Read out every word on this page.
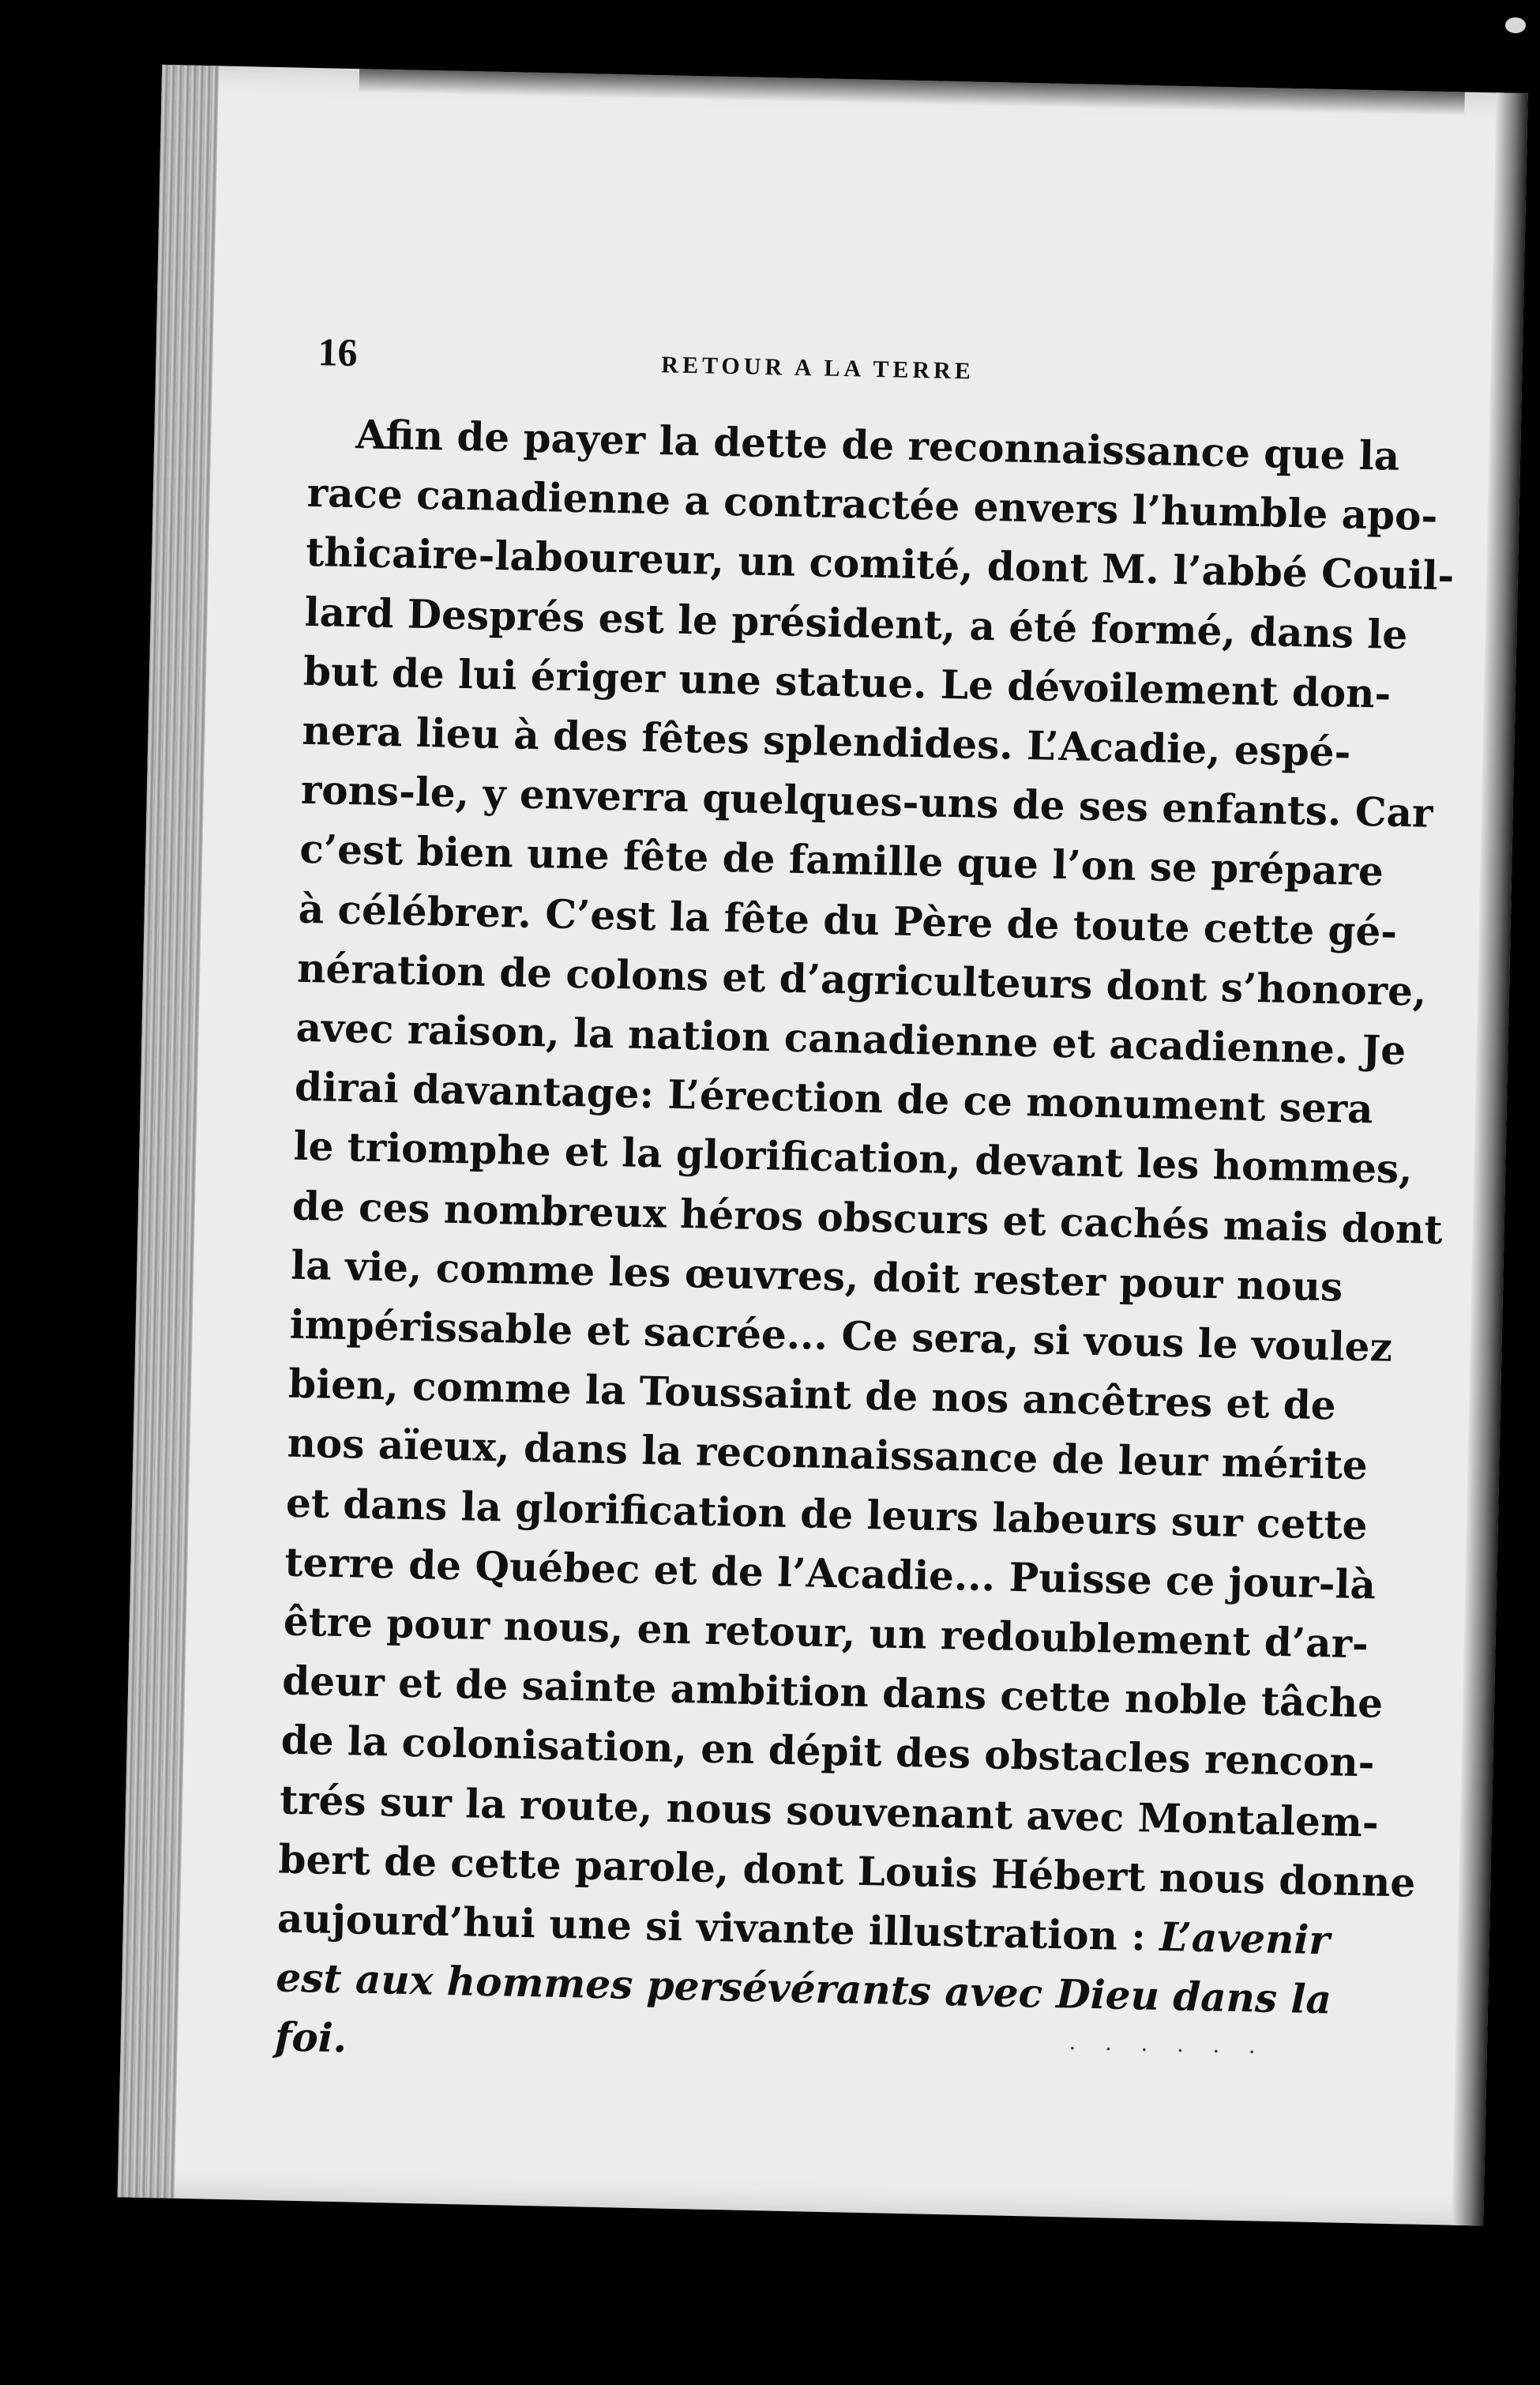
16	RETOUR A LA TERRE
Afin de payer la dette de reconnaissance que la
race canadienne a contractée envers l’humble apo-
thicaire-laboureur, un comité, dont M. l’abbé Couil-
lard Després est le président, a été formé, dans le
but de lui ériger une statue. Le dévoilement don-
nera lieu à des fêtes splendides. L’Acadie, espé-
rons-le, y enverra quelques-uns de ses enfants. Car
c’est bien une fête de famille que l’on se prépare
à célébrer. C’est la fête du Père de toute cette gé-
nération de colons et d’agriculteurs dont s’honore,
avec raison, la nation canadienne et acadienne. Je
dirai davantage: L’érection de ce monument sera
le triomphe et la glorification, devant les hommes,
de ces nombreux héros obscurs et cachés mais dont
la vie, comme les œuvres, doit rester pour nous
impérissable et sacrée... Ce sera, si vous le voulez
bien, comme la Toussaint de nos ancêtres et de
nos aïeux, dans la reconnaissance de leur mérite
et dans la glorification de leurs labeurs sur cette
terre de Québec et de l’Acadie... Puisse ce jour-là
être pour nous, en retour, un redoublement d’ar-
deur et de sainte ambition dans cette noble tâche
de la colonisation, en dépit des obstacles rencon-
trés sur la route, nous souvenant avec Montalem-
bert de cette parole, dont Louis Hébert nous donne
aujourd’hui une si vivante illustration : L’avenir
est aux hommes persévérants avec Dieu dans la
foi.	· · · · · ·
